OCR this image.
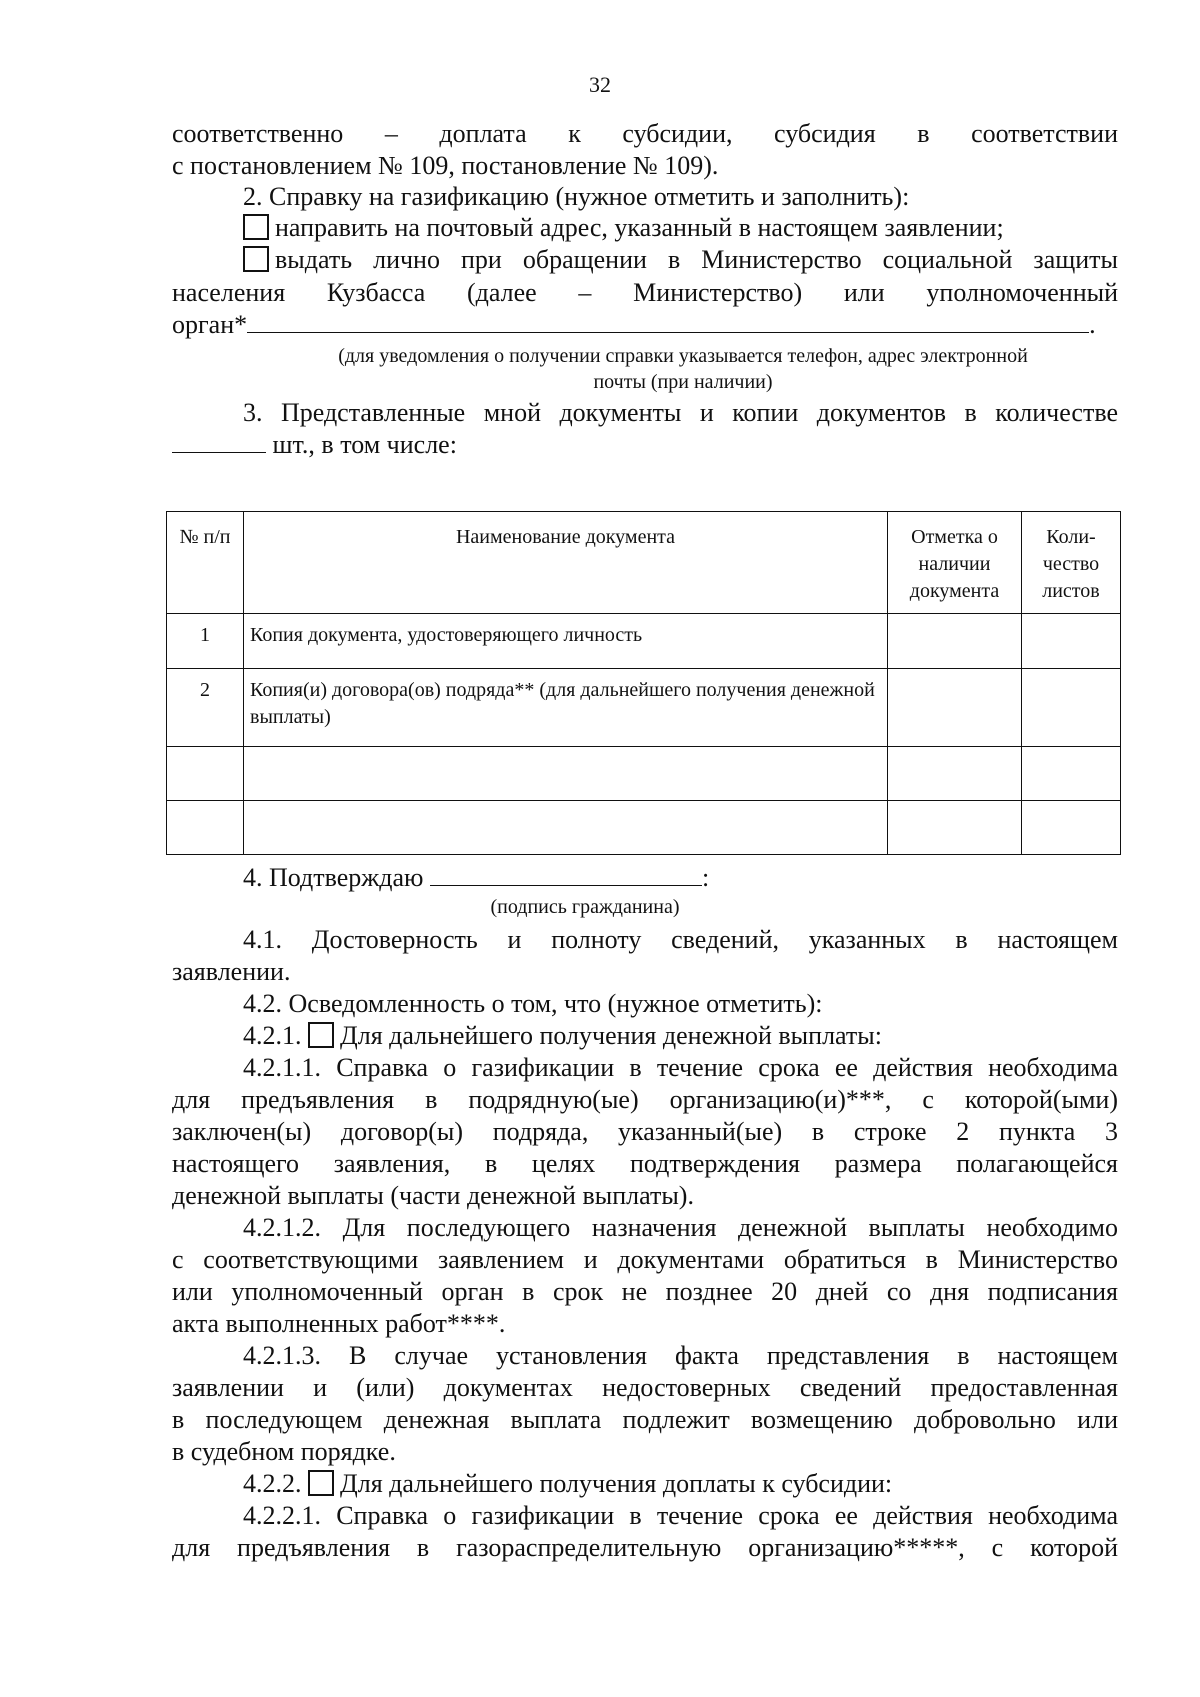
32
соответственно – доплата к субсидии, субсидия в соответствии
с постановлением № 109, постановление № 109).
2. Справку на газификацию (нужное отметить и заполнить):
направить на почтовый адрес, указанный в настоящем заявлении;
выдать лично при обращении в Министерство социальной защиты
населения Кузбасса (далее – Министерство) или уполномоченный
орган*	.
(для уведомления о получении справки указывается телефон, адрес электронной
почты (при наличии)
3. Представленные мной документы и копии документов в количестве
шт., в том числе:
№ п/п	Наименование документа	Отметка о наличии документа	Коли-чество листов
1	Копия документа, удостоверяющего личность		
2	Копия(и) договора(ов) подряда** (для дальнейшего получения денежной выплаты)		

4. Подтверждаю	:
(подпись гражданина)
4.1. Достоверность и полноту сведений, указанных в настоящем
заявлении.
4.2. Осведомленность о том, что (нужное отметить):
4.2.1. Для дальнейшего получения денежной выплаты:
4.2.1.1. Справка о газификации в течение срока ее действия необходима
для предъявления в подрядную(ые) организацию(и)***, с которой(ыми)
заключен(ы) договор(ы) подряда, указанный(ые) в строке 2 пункта 3
настоящего заявления, в целях подтверждения размера полагающейся
денежной выплаты (части денежной выплаты).
4.2.1.2. Для последующего назначения денежной выплаты необходимо
с соответствующими заявлением и документами обратиться в Министерство
или уполномоченный орган в срок не позднее 20 дней со дня подписания
акта выполненных работ****.
4.2.1.3. В случае установления факта представления в настоящем
заявлении и (или) документах недостоверных сведений предоставленная
в последующем денежная выплата подлежит возмещению добровольно или
в судебном порядке.
4.2.2. Для дальнейшего получения доплаты к субсидии:
4.2.2.1. Справка о газификации в течение срока ее действия необходима
для предъявления в газораспределительную организацию*****, с которой
